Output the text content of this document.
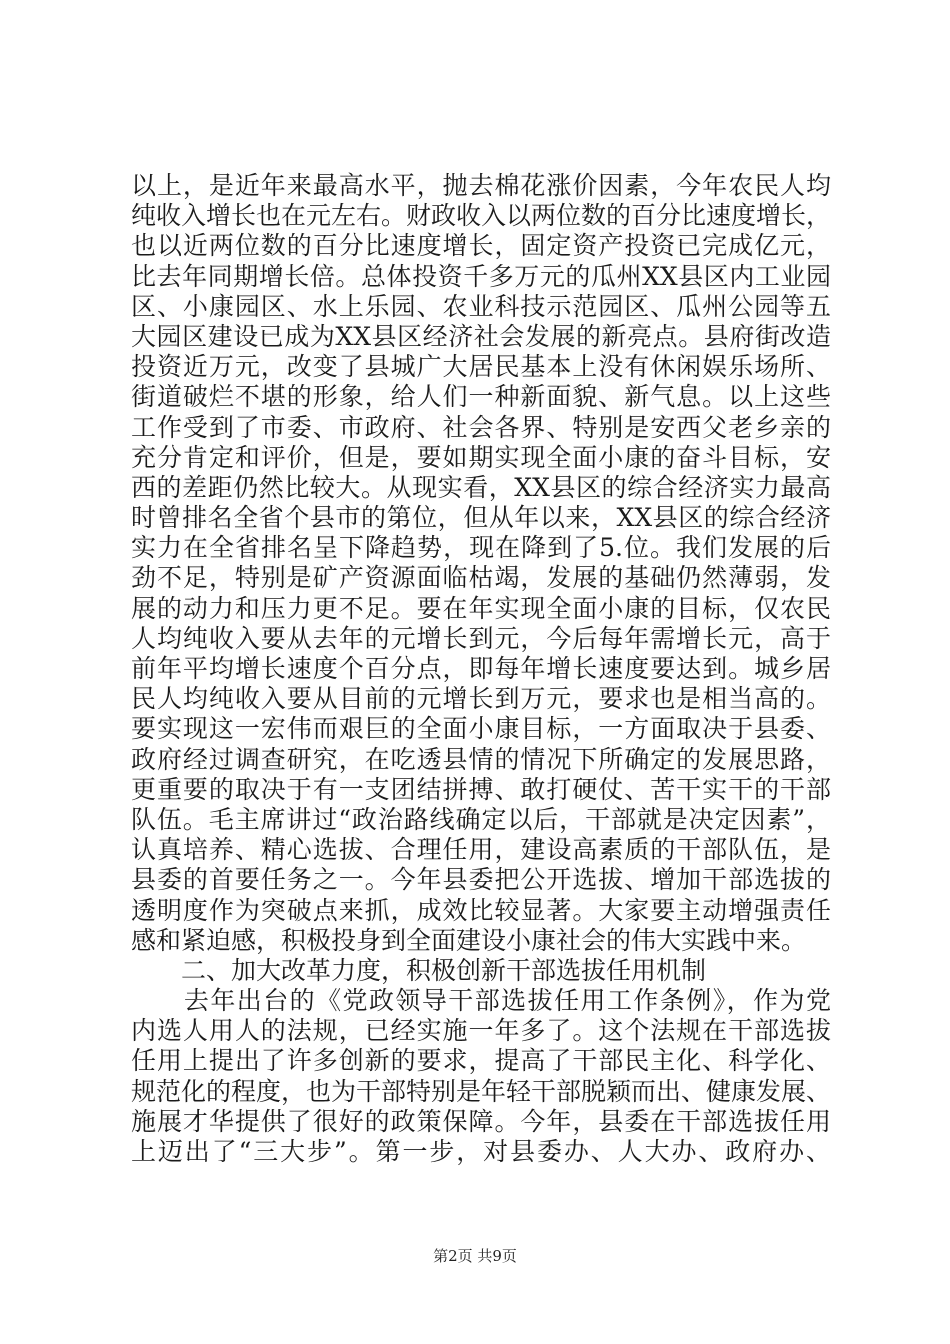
以上，是近年来最高水平，抛去棉花涨价因素，今年农民人均
纯收入增长也在元左右。财政收入以两位数的百分比速度增长，
也以近两位数的百分比速度增长，固定资产投资已完成亿元，
比去年同期增长倍。总体投资千多万元的瓜州XX县区内工业园
区、小康园区、水上乐园、农业科技示范园区、瓜州公园等五
大园区建设已成为XX县区经济社会发展的新亮点。县府街改造
投资近万元，改变了县城广大居民基本上没有休闲娱乐场所、
街道破烂不堪的形象，给人们一种新面貌、新气息。以上这些
工作受到了市委、市政府、社会各界、特别是安西父老乡亲的
充分肯定和评价，但是，要如期实现全面小康的奋斗目标，安
西的差距仍然比较大。从现实看，XX县区的综合经济实力最高
时曾排名全省个县市的第位，但从年以来，XX县区的综合经济
实力在全省排名呈下降趋势，现在降到了5.位。我们发展的后
劲不足，特别是矿产资源面临枯竭，发展的基础仍然薄弱，发
展的动力和压力更不足。要在年实现全面小康的目标，仅农民
人均纯收入要从去年的元增长到元，今后每年需增长元，高于
前年平均增长速度个百分点，即每年增长速度要达到。城乡居
民人均纯收入要从目前的元增长到万元，要求也是相当高的。
要实现这一宏伟而艰巨的全面小康目标，一方面取决于县委、
政府经过调查研究，在吃透县情的情况下所确定的发展思路，
更重要的取决于有一支团结拼搏、敢打硬仗、苦干实干的干部
队伍。毛主席讲过“政治路线确定以后，干部就是决定因素”，
认真培养、精心选拔、合理任用，建设高素质的干部队伍，是
县委的首要任务之一。今年县委把公开选拔、增加干部选拔的
透明度作为突破点来抓，成效比较显著。大家要主动增强责任
感和紧迫感，积极投身到全面建设小康社会的伟大实践中来。
　　二、加大改革力度，积极创新干部选拔任用机制
　　去年出台的《党政领导干部选拔任用工作条例》，作为党
内选人用人的法规，已经实施一年多了。这个法规在干部选拔
任用上提出了许多创新的要求，提高了干部民主化、科学化、
规范化的程度，也为干部特别是年轻干部脱颖而出、健康发展、
施展才华提供了很好的政策保障。今年，县委在干部选拔任用
上迈出了“三大步”。第一步，对县委办、人大办、政府办、
第2页 共9页
